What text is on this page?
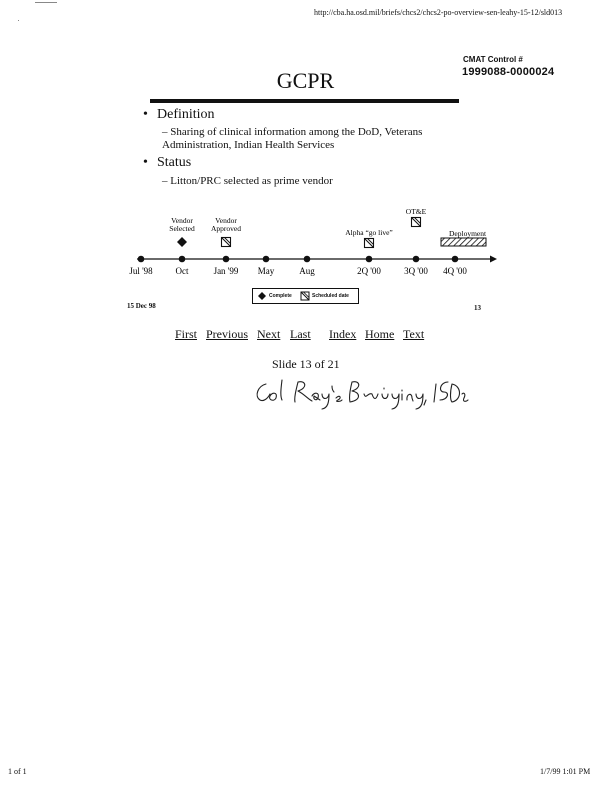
http://cba.ha.osd.mil/briefs/chcs2/chcs2-po-overview-sen-leahy-15-12/sld013
CMAT Control #
1999088-0000024
GCPR
• Definition
– Sharing of clinical information among the DoD, Veterans Administration, Indian Health Services
• Status
– Litton/PRC selected as prime vendor
Jul '98	Oct	Jan '99 May	Aug	2Q '00	3Q '00 4Q '00
Vendor
Selected
Vendor
Approved	Alpha “go live”
OT&E
Deployment
Complete	Scheduled date
15 Dec 98	13
First Previous Next Last Index Home Text
Slide 13 of 21
1 of 1	1/7/99 1:01 PM
